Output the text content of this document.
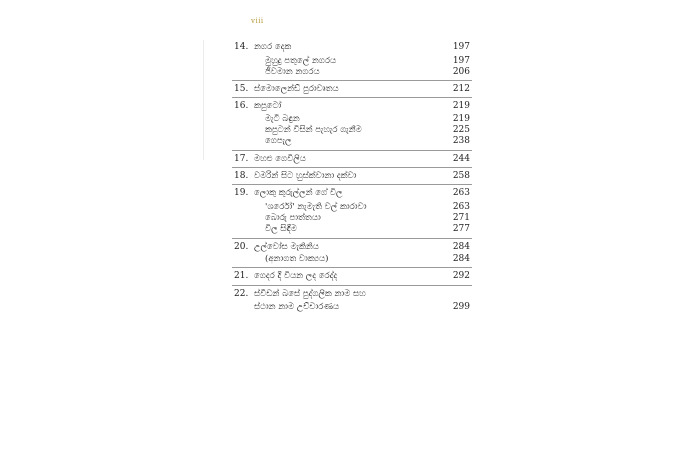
viii
14. නගර දෙක	197
මුහුදු පතුලේ නගරය	197
ජීවමාන නගරය	206
15. ස්මොලෙන්ඩ් පුරාවෘතය	212
16. කපුටෝ	219
මැටි බඳුන	219
කපුටන් විසින් පැහැර ගැනීම	225
ගෙපැල	238
17. මහළු ගෙවිලිය	244
18. වමරින් සිට හුස්ක්වානා දක්වා	258
19. ලොකු කුරුල්ලන් ගේ විල	263
'ශර්රෝ' නැමැති වල් කාරාවා	263
බොරු පාත්තයා	271
විල සිඳීම	277
20. උල්වෝස මැකිනිය	284
(අනාගත වාක්‍යය)	284
21. ගෙදර දී වියන ලද රෙද්ද	292
22. ස්වීඩන් බසේ පුද්ගලික නාම සහ
ස්ථාන නාම උච්චාරණය	299
